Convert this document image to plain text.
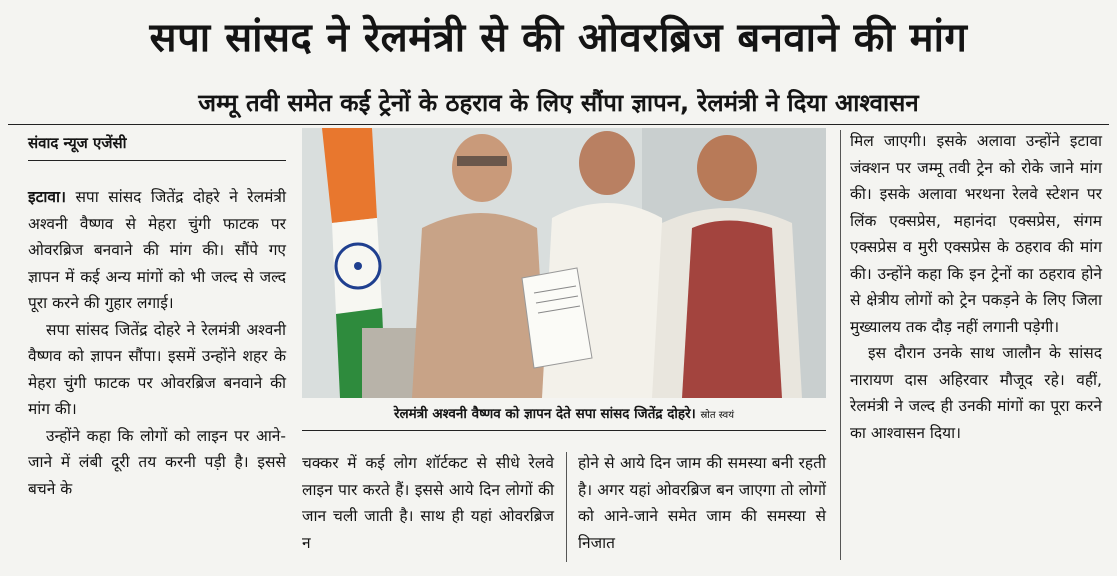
सपा सांसद ने रेलमंत्री से की ओवरब्रिज बनवाने की मांग
जम्मू तवी समेत कई ट्रेनों के ठहराव के लिए सौंपा ज्ञापन, रेलमंत्री ने दिया आश्वासन
संवाद न्यूज एजेंसी

इटावा। सपा सांसद जितेंद्र दोहरे ने रेलमंत्री अश्वनी वैष्णव से मेहरा चुंगी फाटक पर ओवरब्रिज बनवाने की मांग की। सौंपे गए ज्ञापन में कई अन्य मांगों को भी जल्द से जल्द पूरा करने की गुहार लगाई।

सपा सांसद जितेंद्र दोहरे ने रेलमंत्री अश्वनी वैष्णव को ज्ञापन सौंपा। इसमें उन्होंने शहर के मेहरा चुंगी फाटक पर ओवरब्रिज बनवाने की मांग की।

उन्होंने कहा कि लोगों को लाइन पर आने-जाने में लंबी दूरी तय करनी पड़ी है। इससे बचने के

रेलमंत्री अश्वनी वैष्णव को ज्ञापन देते सपा सांसद जितेंद्र दोहरे। स्रोत स्वयं

चक्कर में कई लोग शॉर्टकट से सीधे रेलवे लाइन पार करते हैं। इससे आये दिन लोगों की जान चली जाती है। साथ ही यहां ओवरब्रिज न

होने से आये दिन जाम की समस्या बनी रहती है। अगर यहां ओवरब्रिज बन जाएगा तो लोगों को आने-जाने समेत जाम की समस्या से निजात

मिल जाएगी। इसके अलावा उन्होंने इटावा जंक्शन पर जम्मू तवी ट्रेन को रोके जाने मांग की। इसके अलावा भरथना रेलवे स्टेशन पर लिंक एक्सप्रेस, महानंदा एक्सप्रेस, संगम एक्सप्रेस व मुरी एक्सप्रेस के ठहराव की मांग की। उन्होंने कहा कि इन ट्रेनों का ठहराव होने से क्षेत्रीय लोगों को ट्रेन पकड़ने के लिए जिला मुख्यालय तक दौड़ नहीं लगानी पड़ेगी।

इस दौरान उनके साथ जालौन के सांसद नारायण दास अहिरवार मौजूद रहे। वहीं, रेलमंत्री ने जल्द ही उनकी मांगों का पूरा करने का आश्वासन दिया।
